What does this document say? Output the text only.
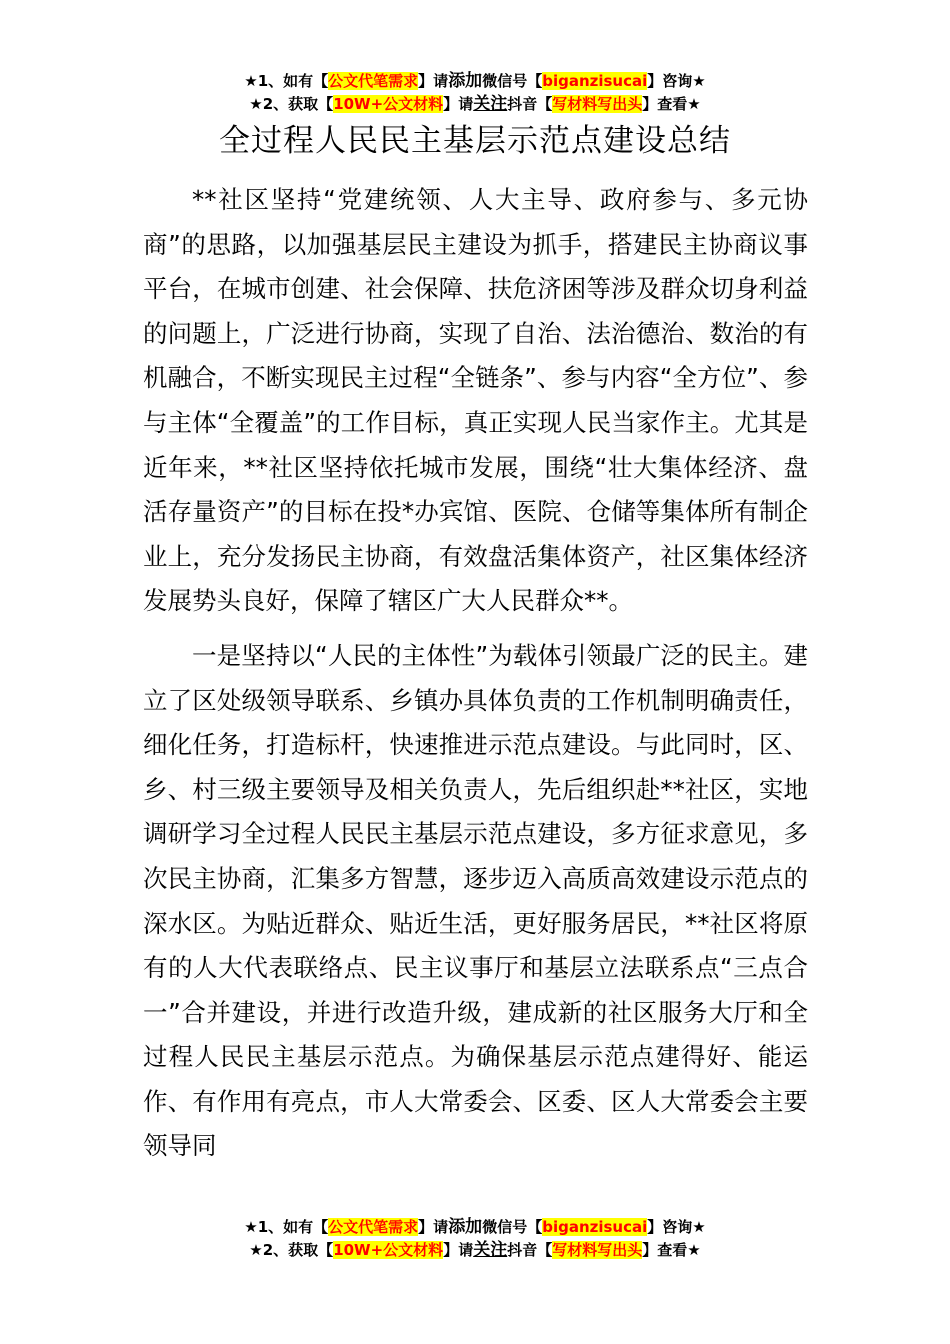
★1、如有【公文代笔需求】请添加微信号【biganzisucai】咨询★
★2、获取【10W+公文材料】请关注抖音【写材料写出头】查看★
全过程人民民主基层示范点建设总结

**社区坚持“党建统领、人大主导、政府参与、多元协商”的思路，以加强基层民主建设为抓手，搭建民主协商议事平台，在城市创建、社会保障、扶危济困等涉及群众切身利益的问题上，广泛进行协商，实现了自治、法治德治、数治的有机融合，不断实现民主过程“全链条”、参与内容“全方位”、参与主体“全覆盖”的工作目标，真正实现人民当家作主。尤其是近年来，**社区坚持依托城市发展，围绕“壮大集体经济、盘活存量资产”的目标在投*办宾馆、医院、仓储等集体所有制企业上，充分发扬民主协商，有效盘活集体资产，社区集体经济发展势头良好，保障了辖区广大人民群众**。

一是坚持以“人民的主体性”为载体引领最广泛的民主。建立了区处级领导联系、乡镇办具体负责的工作机制明确责任，细化任务，打造标杆，快速推进示范点建设。与此同时，区、乡、村三级主要领导及相关负责人，先后组织赴**社区，实地调研学习全过程人民民主基层示范点建设，多方征求意见，多次民主协商，汇集多方智慧，逐步迈入高质高效建设示范点的深水区。为贴近群众、贴近生活，更好服务居民，**社区将原有的人大代表联络点、民主议事厅和基层立法联系点“三点合一”合并建设，并进行改造升级，建成新的社区服务大厅和全过程人民民主基层示范点。为确保基层示范点建得好、能运作、有作用有亮点，市人大常委会、区委、区人大常委会主要领导同

★1、如有【公文代笔需求】请添加微信号【biganzisucai】咨询★
★2、获取【10W+公文材料】请关注抖音【写材料写出头】查看★
